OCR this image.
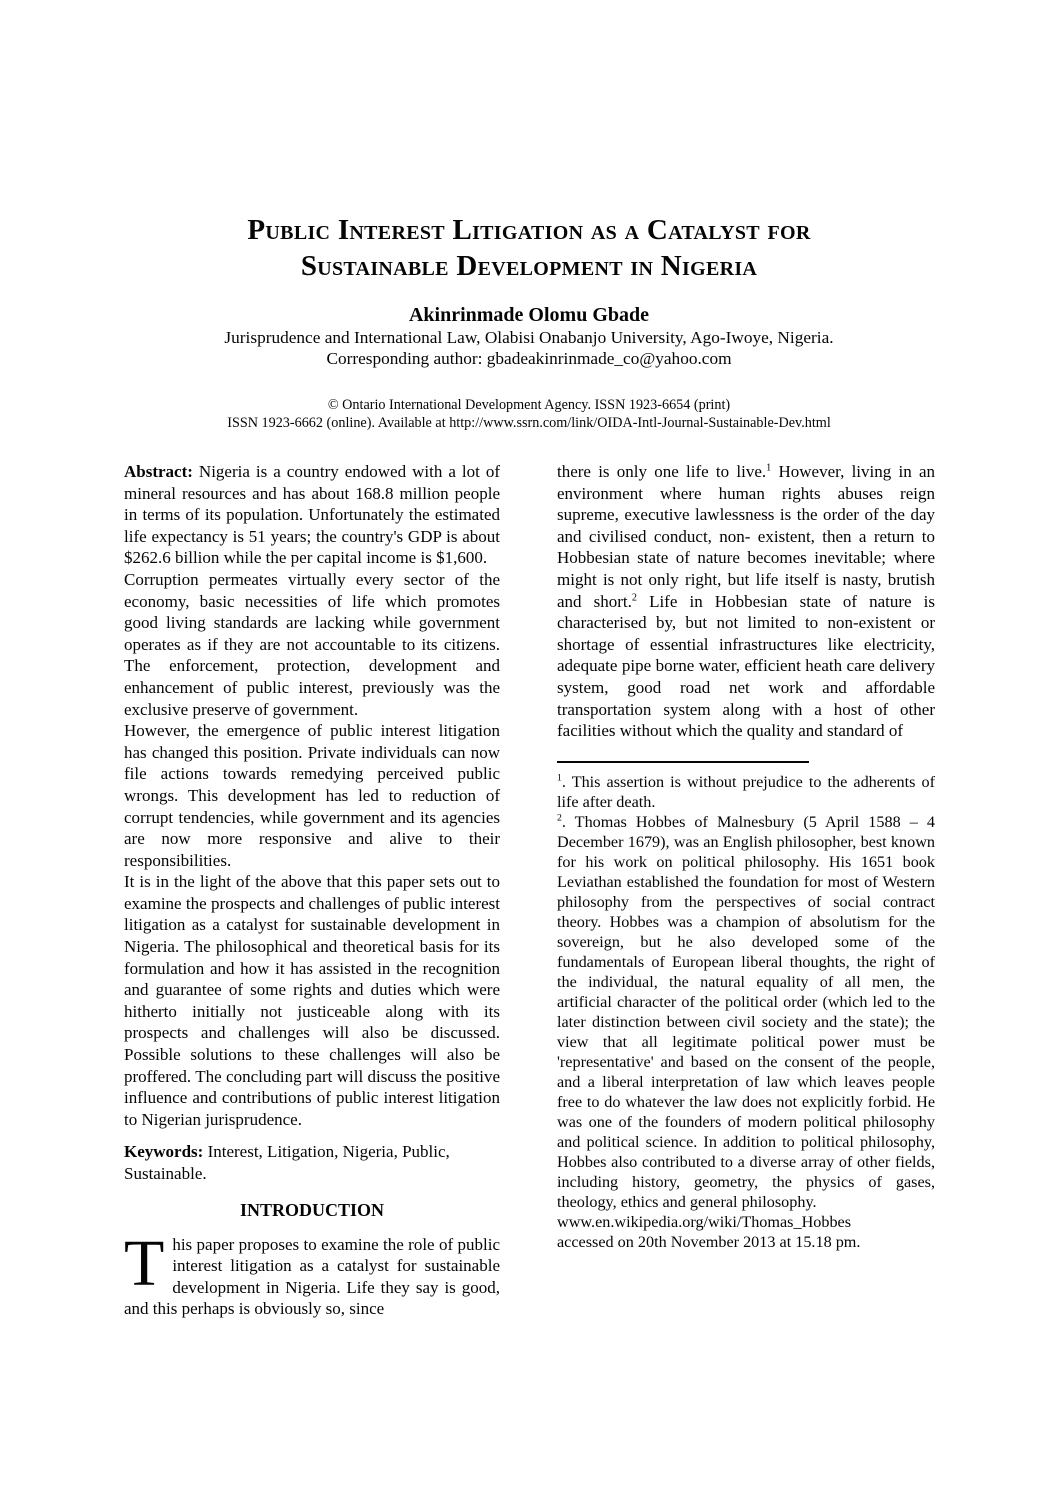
Public Interest Litigation as a Catalyst for
Sustainable Development in Nigeria
Akinrinmade Olomu Gbade
Jurisprudence and International Law, Olabisi Onabanjo University, Ago-Iwoye, Nigeria.
Corresponding author: gbadeakinrinmade_co@yahoo.com
© Ontario International Development Agency. ISSN 1923-6654 (print)
ISSN 1923-6662 (online). Available at http://www.ssrn.com/link/OIDA-Intl-Journal-Sustainable-Dev.html

Abstract: Nigeria is a country endowed with a lot of mineral resources and has about 168.8 million people in terms of its population. Unfortunately the estimated life expectancy is 51 years; the country's GDP is about $262.6 billion while the per capital income is $1,600.

Corruption permeates virtually every sector of the economy, basic necessities of life which promotes good living standards are lacking while government operates as if they are not accountable to its citizens. The enforcement, protection, development and enhancement of public interest, previously was the exclusive preserve of government.

However, the emergence of public interest litigation has changed this position. Private individuals can now file actions towards remedying perceived public wrongs. This development has led to reduction of corrupt tendencies, while government and its agencies are now more responsive and alive to their responsibilities.

It is in the light of the above that this paper sets out to examine the prospects and challenges of public interest litigation as a catalyst for sustainable development in Nigeria. The philosophical and theoretical basis for its formulation and how it has assisted in the recognition and guarantee of some rights and duties which were hitherto initially not justiceable along with its prospects and challenges will also be discussed. Possible solutions to these challenges will also be proffered. The concluding part will discuss the positive influence and contributions of public interest litigation to Nigerian jurisprudence.

Keywords: Interest, Litigation, Nigeria, Public, Sustainable.

INTRODUCTION

This paper proposes to examine the role of public interest litigation as a catalyst for sustainable development in Nigeria. Life they say is good, and this perhaps is obviously so, since

there is only one life to live.$^1$ However, living in an environment where human rights abuses reign supreme, executive lawlessness is the order of the day and civilised conduct, non- existent, then a return to Hobbesian state of nature becomes inevitable; where might is not only right, but life itself is nasty, brutish and short.$^2$ Life in Hobbesian state of nature is characterised by, but not limited to non-existent or shortage of essential infrastructures like electricity, adequate pipe borne water, efficient heath care delivery system, good road net work and affordable transportation system along with a host of other facilities without which the quality and standard of

$^1$. This assertion is without prejudice to the adherents of life after death.

$^2$. Thomas Hobbes of Malnesbury (5 April 1588 – 4 December 1679), was an English philosopher, best known for his work on political philosophy. His 1651 book Leviathan established the foundation for most of Western philosophy from the perspectives of social contract theory. Hobbes was a champion of absolutism for the sovereign, but he also developed some of the fundamentals of European liberal thoughts, the right of the individual, the natural equality of all men, the artificial character of the political order (which led to the later distinction between civil society and the state); the view that all legitimate political power must be 'representative' and based on the consent of the people, and a liberal interpretation of law which leaves people free to do whatever the law does not explicitly forbid. He was one of the founders of modern political philosophy and political science. In addition to political philosophy, Hobbes also contributed to a diverse array of other fields, including history, geometry, the physics of gases, theology, ethics and general philosophy.

www.en.wikipedia.org/wiki/Thomas_Hobbes

accessed on 20th November 2013 at 15.18 pm.
